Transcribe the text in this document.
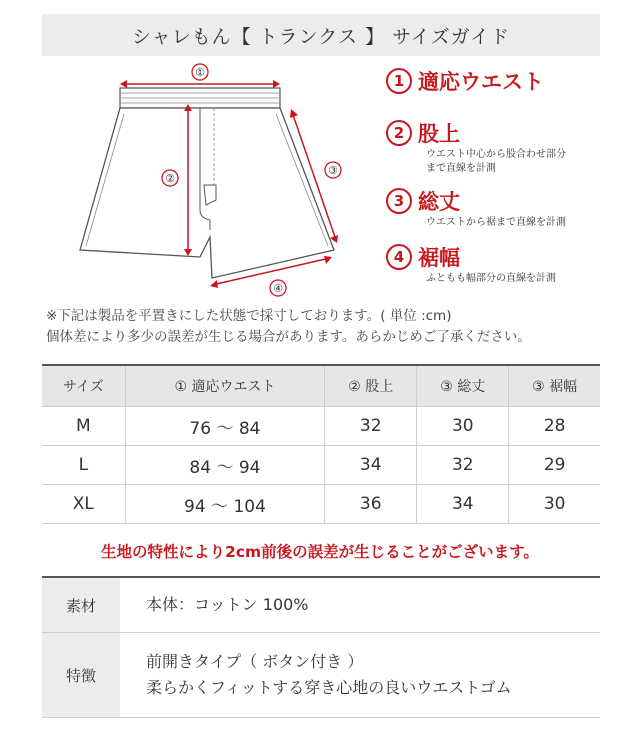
シャレもん【 トランクス 】 サイズガイド
①
②
③
④
1 適応ウエスト
2 股上
ウエスト中心から股合わせ部分
まで直線を計測
3 総丈
ウエストから裾まで直線を計測
4 裾幅
ふともも幅部分の直線を計測
※下記は製品を平置きにした状態で採寸しております。( 単位 :cm)
個体差により多少の誤差が生じる場合があります。あらかじめご了承ください。
サイズ	① 適応ウエスト	② 股上	③ 総丈	③ 裾幅
M	76 ～ 84	32	30	28
L	84 ～ 94	34	32	29
XL	94 ～ 104	36	34	30
生地の特性により2cm前後の誤差が生じることがございます。
素材	本体：コットン 100%
特徴
前開きタイプ（ ボタン付き ）
柔らかくフィットする穿き心地の良いウエストゴム
